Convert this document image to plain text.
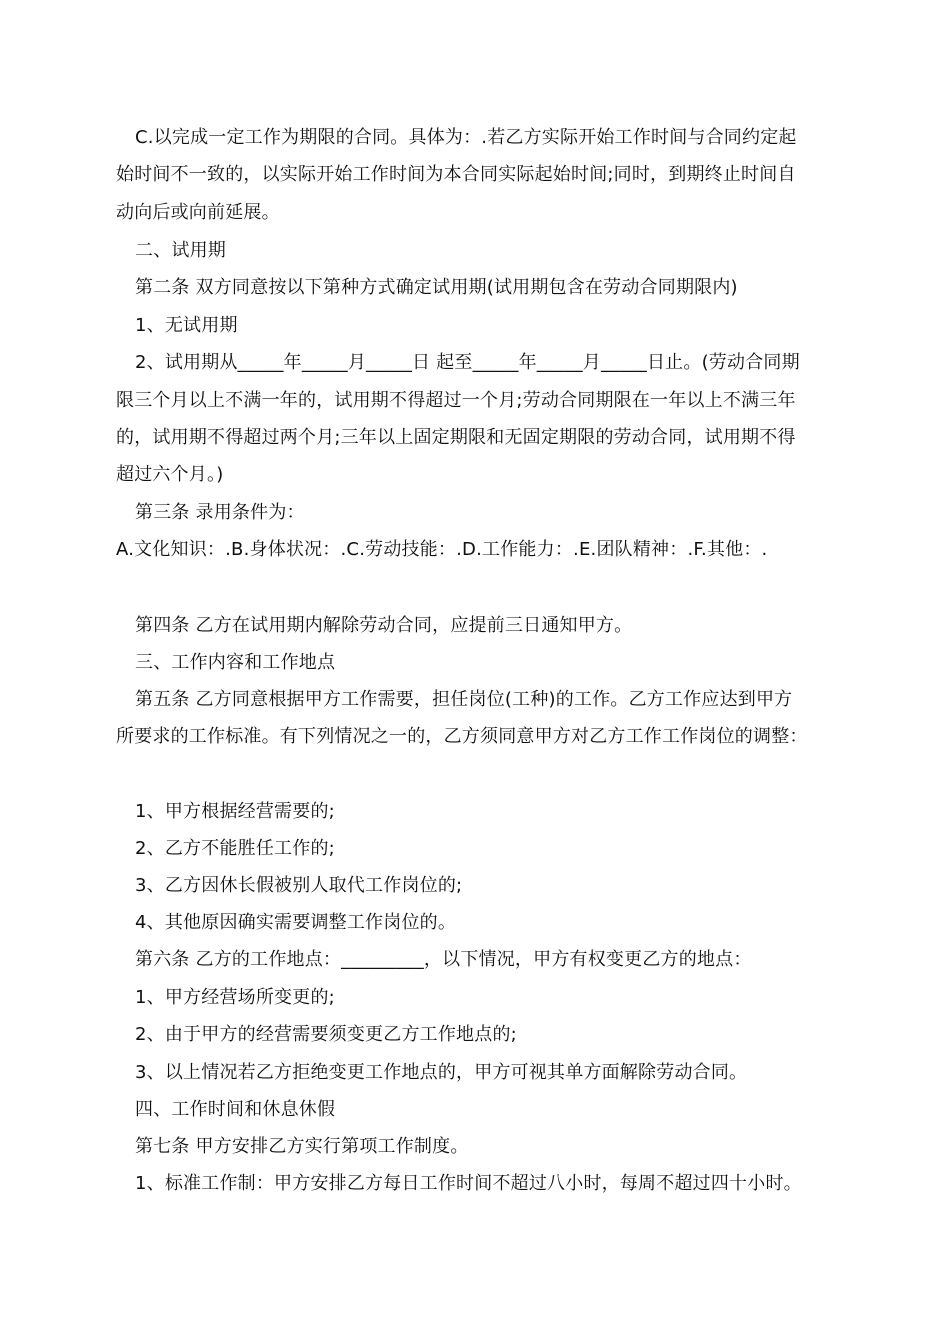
C.以完成一定工作为期限的合同。具体为：.若乙方实际开始工作时间与合同约定起
始时间不一致的，以实际开始工作时间为本合同实际起始时间;同时，到期终止时间自
动向后或向前延展。
二、试用期
第二条 双方同意按以下第种方式确定试用期(试用期包含在劳动合同期限内)
1、无试用期
2、试用期从_____年_____月_____日 起至_____年_____月_____日止。(劳动合同期
限三个月以上不满一年的，试用期不得超过一个月;劳动合同期限在一年以上不满三年
的，试用期不得超过两个月;三年以上固定期限和无固定期限的劳动合同，试用期不得
超过六个月。)
第三条 录用条件为：
A.文化知识：.B.身体状况：.C.劳动技能：.D.工作能力：.E.团队精神：.F.其他：.
第四条 乙方在试用期内解除劳动合同，应提前三日通知甲方。
三、工作内容和工作地点
第五条 乙方同意根据甲方工作需要，担任岗位(工种)的工作。乙方工作应达到甲方
所要求的工作标准。有下列情况之一的，乙方须同意甲方对乙方工作工作岗位的调整：
1、甲方根据经营需要的;
2、乙方不能胜任工作的;
3、乙方因休长假被别人取代工作岗位的;
4、其他原因确实需要调整工作岗位的。
第六条 乙方的工作地点：_________，以下情况，甲方有权变更乙方的地点：
1、甲方经营场所变更的;
2、由于甲方的经营需要须变更乙方工作地点的;
3、以上情况若乙方拒绝变更工作地点的，甲方可视其单方面解除劳动合同。
四、工作时间和休息休假
第七条 甲方安排乙方实行第项工作制度。
1、标准工作制：甲方安排乙方每日工作时间不超过八小时，每周不超过四十小时。
